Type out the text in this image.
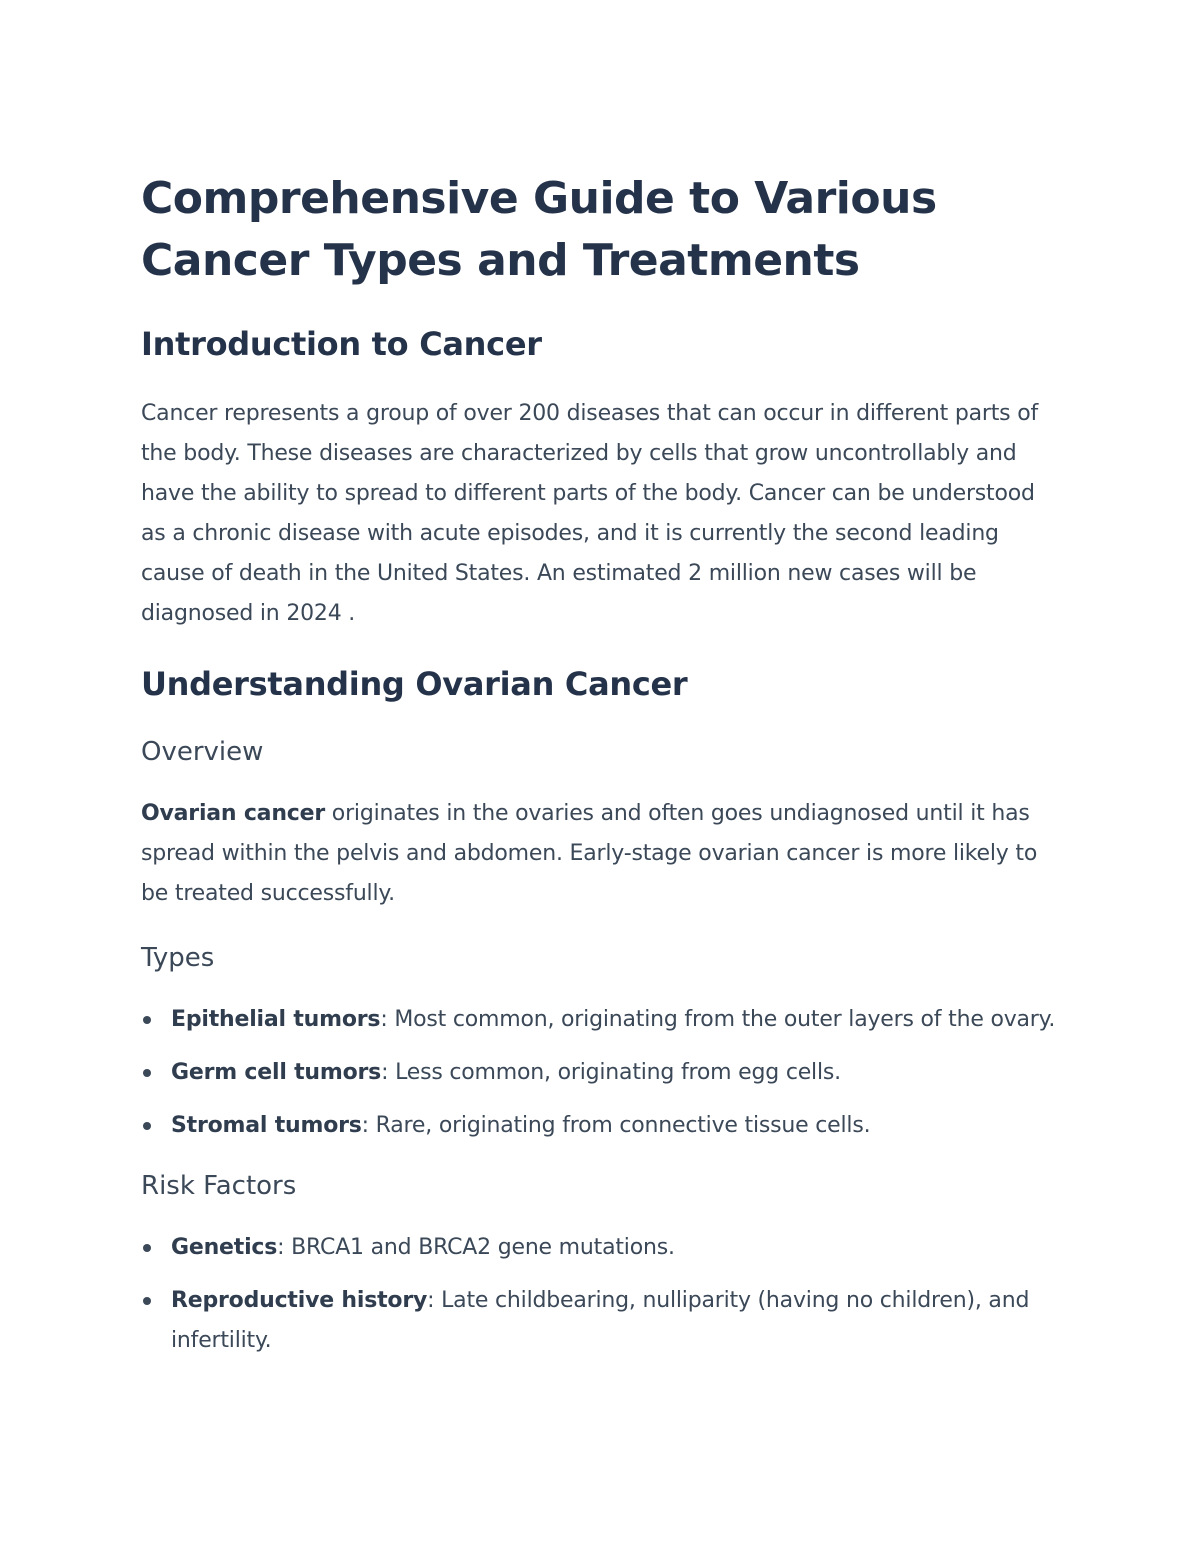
Comprehensive Guide to Various Cancer Types and Treatments
Introduction to Cancer

Cancer represents a group of over 200 diseases that can occur in different parts of the body. These diseases are characterized by cells that grow uncontrollably and have the ability to spread to different parts of the body. Cancer can be understood as a chronic disease with acute episodes, and it is currently the second leading cause of death in the United States. An estimated 2 million new cases will be diagnosed in 2024 .

Understanding Ovarian Cancer
Overview

Ovarian cancer originates in the ovaries and often goes undiagnosed until it has spread within the pelvis and abdomen. Early-stage ovarian cancer is more likely to be treated successfully.

Types
Epithelial tumors: Most common, originating from the outer layers of the ovary.
Germ cell tumors: Less common, originating from egg cells.
Stromal tumors: Rare, originating from connective tissue cells.
Risk Factors
Genetics: BRCA1 and BRCA2 gene mutations.
Reproductive history: Late childbearing, nulliparity (having no children), and infertility.
